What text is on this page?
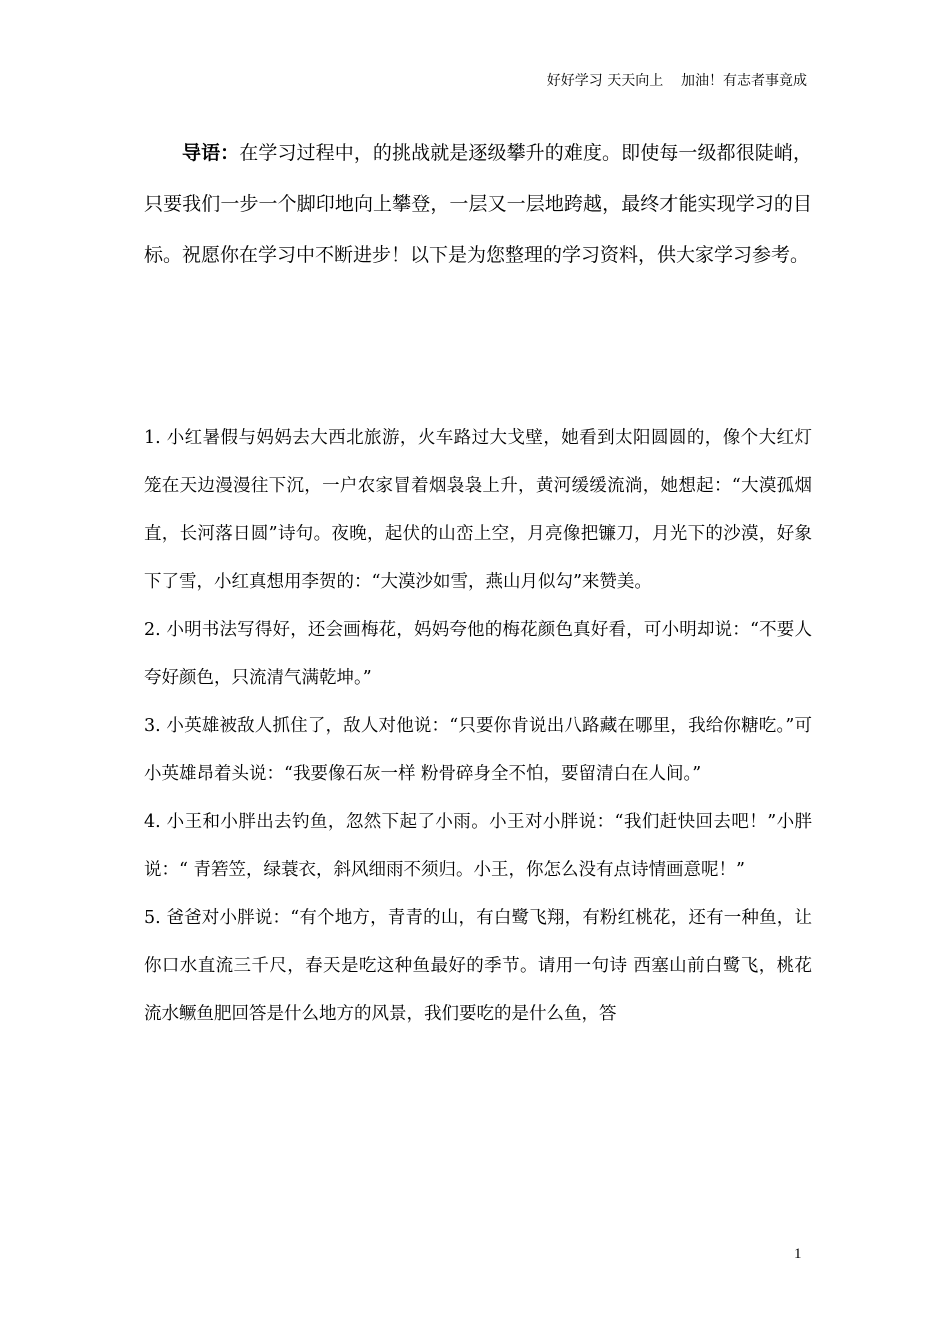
好好学习 天天向上    加油！有志者事竟成

导语：在学习过程中，的挑战就是逐级攀升的难度。即使每一级都很陡峭，只要我们一步一个脚印地向上攀登，一层又一层地跨越，最终才能实现学习的目标。祝愿你在学习中不断进步！以下是为您整理的学习资料，供大家学习参考。

1. 小红暑假与妈妈去大西北旅游，火车路过大戈壁，她看到太阳圆圆的，像个大红灯笼在天边漫漫往下沉，一户农家冒着烟袅袅上升，黄河缓缓流淌，她想起：“大漠孤烟直，长河落日圆”诗句。夜晚，起伏的山峦上空，月亮像把镰刀，月光下的沙漠，好象下了雪，小红真想用李贺的：“大漠沙如雪，燕山月似勾”来赞美。

2. 小明书法写得好，还会画梅花，妈妈夸他的梅花颜色真好看，可小明却说：“不要人夸好颜色，只流清气满乾坤。”

3. 小英雄被敌人抓住了，敌人对他说：“只要你肯说出八路藏在哪里，我给你糖吃。”可小英雄昂着头说：“我要像石灰一样 粉骨碎身全不怕，要留清白在人间。”

4. 小王和小胖出去钓鱼，忽然下起了小雨。小王对小胖说：“我们赶快回去吧！”小胖说：“ 青箬笠，绿蓑衣，斜风细雨不须归。小王，你怎么没有点诗情画意呢！”

5. 爸爸对小胖说：“有个地方，青青的山，有白鹭飞翔，有粉红桃花，还有一种鱼，让你口水直流三千尺，春天是吃这种鱼最好的季节。请用一句诗 西塞山前白鹭飞，桃花流水鳜鱼肥回答是什么地方的风景，我们要吃的是什么鱼，答

1
